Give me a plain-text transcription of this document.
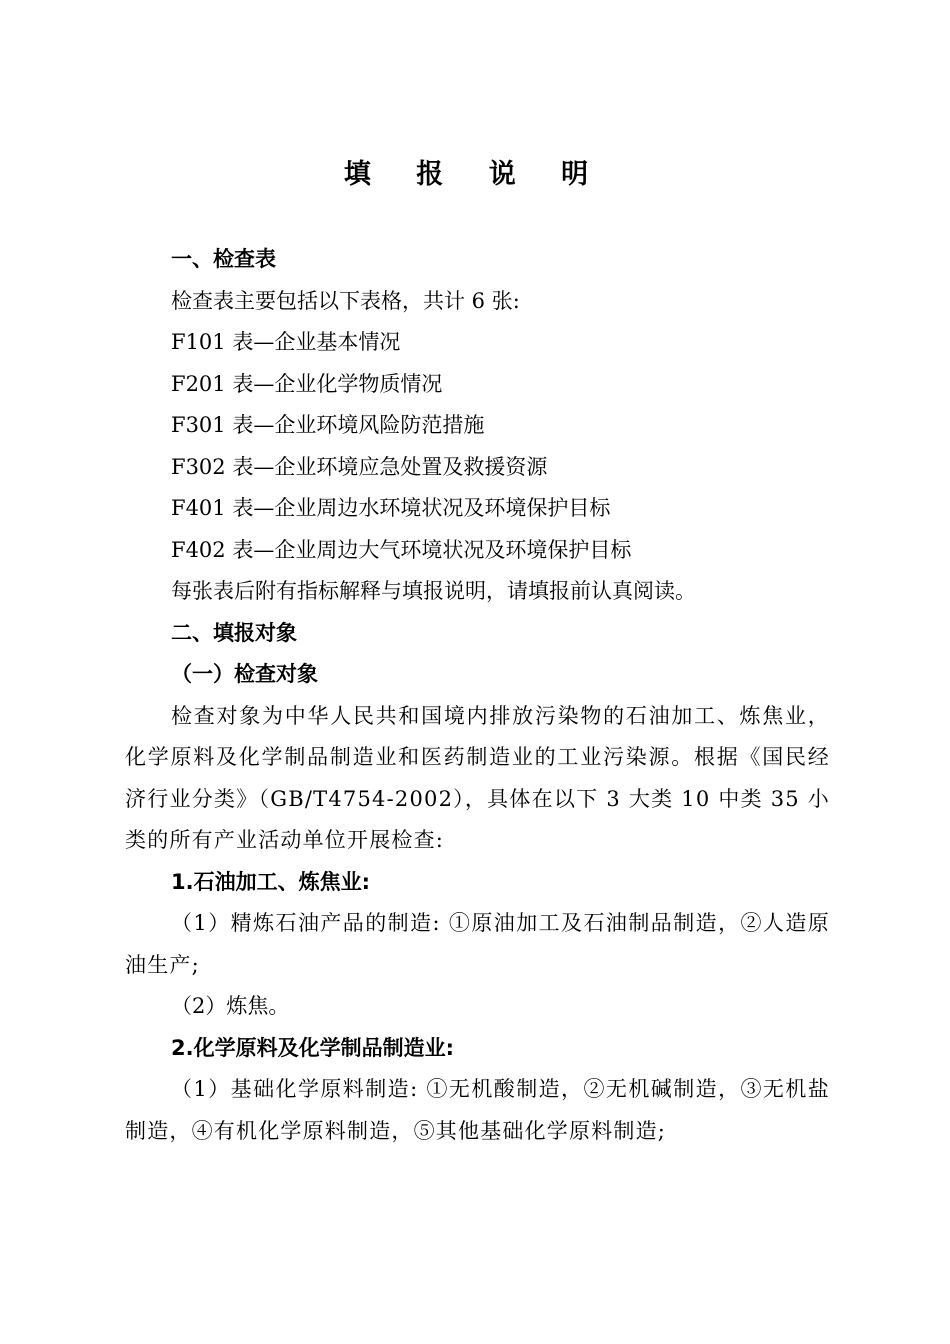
填 报 说 明

一、检查表

检查表主要包括以下表格，共计 6 张:

F101 表—企业基本情况

F201 表—企业化学物质情况

F301 表—企业环境风险防范措施

F302 表—企业环境应急处置及救援资源

F401 表—企业周边水环境状况及环境保护目标

F402 表—企业周边大气环境状况及环境保护目标

每张表后附有指标解释与填报说明，请填报前认真阅读。

二、填报对象

（一）检查对象

检查对象为中华人民共和国境内排放污染物的石油加工、炼焦业，化学原料及化学制品制造业和医药制造业的工业污染源。根据《国民经济行业分类》（GB/T4754-2002），具体在以下 3 大类 10 中类 35 小类的所有产业活动单位开展检查:

1.石油加工、炼焦业:

（1）精炼石油产品的制造: ①原油加工及石油制品制造，②人造原油生产;

（2）炼焦。

2.化学原料及化学制品制造业:

（1）基础化学原料制造: ①无机酸制造，②无机碱制造，③无机盐制造，④有机化学原料制造，⑤其他基础化学原料制造;
